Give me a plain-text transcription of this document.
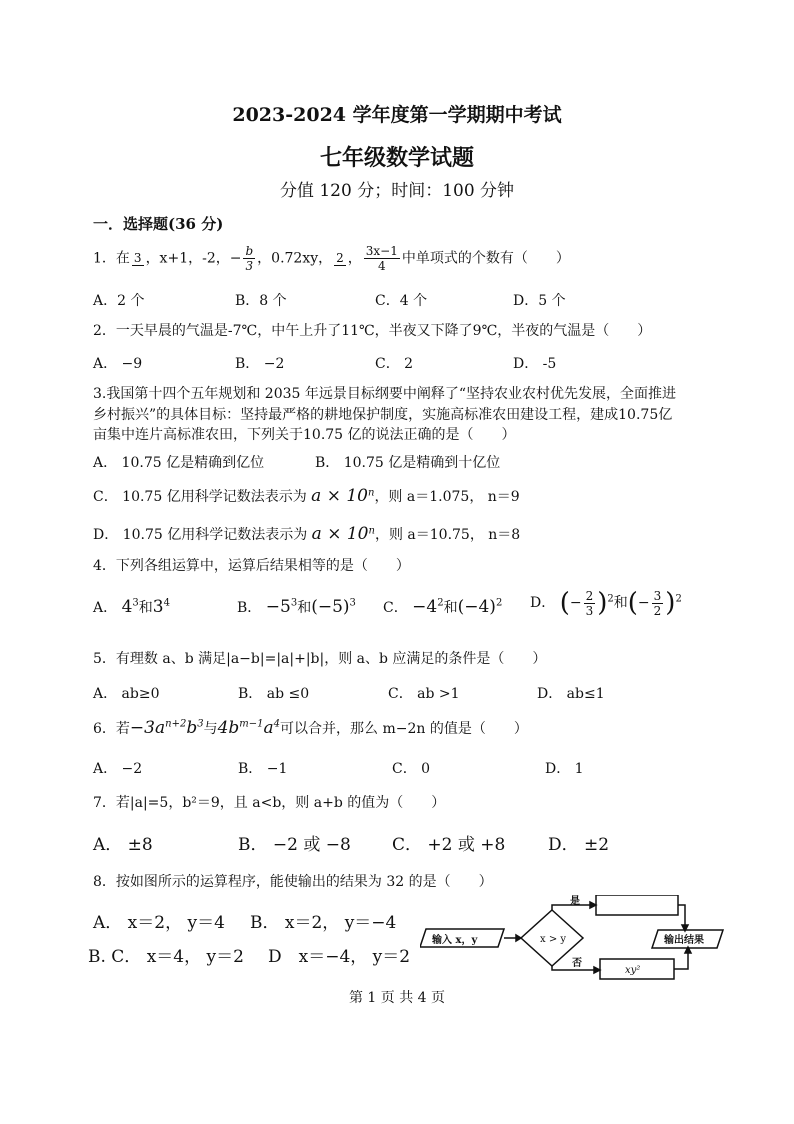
2023-2024 学年度第一学期期中考试
七年级数学试题
分值 120 分；时间：100 分钟
一．选择题(36 分)
1．在 3 ，x+1，-2，− $\frac{b}{3}$ ，0.72xy， 2 ， $\frac{3x-1}{4}$ 中单项式的个数有（　　）
A．2 个	B．8 个	C．4 个	D．5 个
2．一天早晨的气温是-7℃，中午上升了11℃，半夜又下降了9℃，半夜的气温是（　　）
A． −9	B． −2	C． 2	D． -5
3.我国第十四个五年规划和 2035 年远景目标纲要中阐释了“坚持农业农村优先发展，全面推进
乡村振兴”的具体目标：坚持最严格的耕地保护制度，实施高标准农田建设工程，建成10.75亿
亩集中连片高标准农田，下列关于10.75 亿的说法正确的是（　　）
A． 10.75 亿是精确到亿位	B． 10.75 亿是精确到十亿位
C． 10.75 亿用科学记数法表示为 $a \times 10^n$，则 a＝1.075， n＝9
D． 10.75 亿用科学记数法表示为 $a \times 10^n$，则 a＝10.75， n＝8
4．下列各组运算中，运算后结果相等的是（　　）
A． $4^3$和$3^4$	B． $-5^3$和$(-5)^3$ C． $-4^2$和$(-4)^2$ D． (− $\frac{2}{3} )^2$和(− $\frac{3}{2} )^2$
5．有理数 a、b 满足|a−b|=|a|+|b|，则 a、b 应满足的条件是（　　）
A． ab≥0	B． ab ≤0	C． ab >1	D． ab≤1
6．若$-3a^{n+2}b^3$与$4b^{m-1}a^4$可以合并，那么 m−2n 的值是（　　）
A． −2	B． −1	C． 0	D． 1
7．若|a|=5，b²＝9，且 a<b，则 a+b 的值为（　　）
A． ±8	B． −2 或 −8 C． +2 或 +8	D． ±2
8．按如图所示的运算程序，能使输出的结果为 32 的是（　　）
A． x＝2， y＝4 B． x＝2， y＝−4
B. C． x＝4， y＝2 D　x＝−4， y＝2
输入 x，y	x > y
是
否
xy²
输出结果
第 1 页 共 4 页
